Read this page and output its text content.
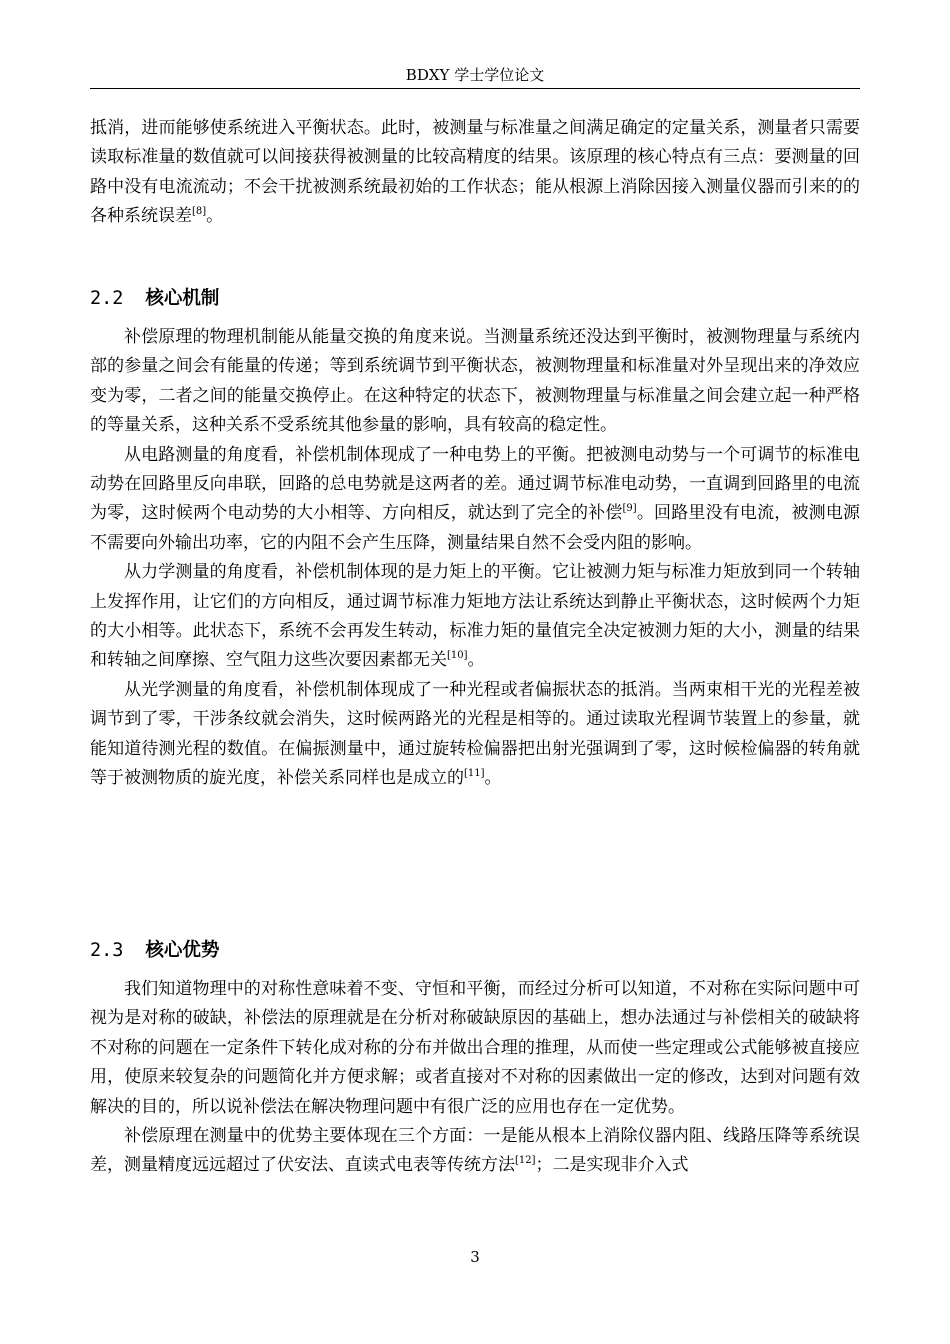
BDXY 学士学位论文

抵消，进而能够使系统进入平衡状态。此时，被测量与标准量之间满足确定的定量关系，测量者只需要读取标准量的数值就可以间接获得被测量的比较高精度的结果。该原理的核心特点有三点：要测量的回路中没有电流流动；不会干扰被测系统最初始的工作状态；能从根源上消除因接入测量仪器而引来的的各种系统误差[8]。

2.2 核心机制

补偿原理的物理机制能从能量交换的角度来说。当测量系统还没达到平衡时，被测物理量与系统内部的参量之间会有能量的传递；等到系统调节到平衡状态，被测物理量和标准量对外呈现出来的净效应变为零，二者之间的能量交换停止。在这种特定的状态下，被测物理量与标准量之间会建立起一种严格的等量关系，这种关系不受系统其他参量的影响，具有较高的稳定性。

从电路测量的角度看，补偿机制体现成了一种电势上的平衡。把被测电动势与一个可调节的标准电动势在回路里反向串联，回路的总电势就是这两者的差。通过调节标准电动势，一直调到回路里的电流为零，这时候两个电动势的大小相等、方向相反，就达到了完全的补偿[9]。回路里没有电流，被测电源不需要向外输出功率，它的内阻不会产生压降，测量结果自然不会受内阻的影响。

从力学测量的角度看，补偿机制体现的是力矩上的平衡。它让被测力矩与标准力矩放到同一个转轴上发挥作用，让它们的方向相反，通过调节标准力矩地方法让系统达到静止平衡状态，这时候两个力矩的大小相等。此状态下，系统不会再发生转动，标准力矩的量值完全决定被测力矩的大小，测量的结果和转轴之间摩擦、空气阻力这些次要因素都无关[10]。

从光学测量的角度看，补偿机制体现成了一种光程或者偏振状态的抵消。当两束相干光的光程差被调节到了零，干涉条纹就会消失，这时候两路光的光程是相等的。通过读取光程调节装置上的参量，就能知道待测光程的数值。在偏振测量中，通过旋转检偏器把出射光强调到了零，这时候检偏器的转角就等于被测物质的旋光度，补偿关系同样也是成立的[11]。

2.3 核心优势

我们知道物理中的对称性意味着不变、守恒和平衡，而经过分析可以知道，不对称在实际问题中可视为是对称的破缺，补偿法的原理就是在分析对称破缺原因的基础上，想办法通过与补偿相关的破缺将不对称的问题在一定条件下转化成对称的分布并做出合理的推理，从而使一些定理或公式能够被直接应用，使原来较复杂的问题简化并方便求解；或者直接对不对称的因素做出一定的修改，达到对问题有效解决的目的，所以说补偿法在解决物理问题中有很广泛的应用也存在一定优势。

补偿原理在测量中的优势主要体现在三个方面：一是能从根本上消除仪器内阻、线路压降等系统误差，测量精度远远超过了伏安法、直读式电表等传统方法[12]；二是实现非介入式

3
